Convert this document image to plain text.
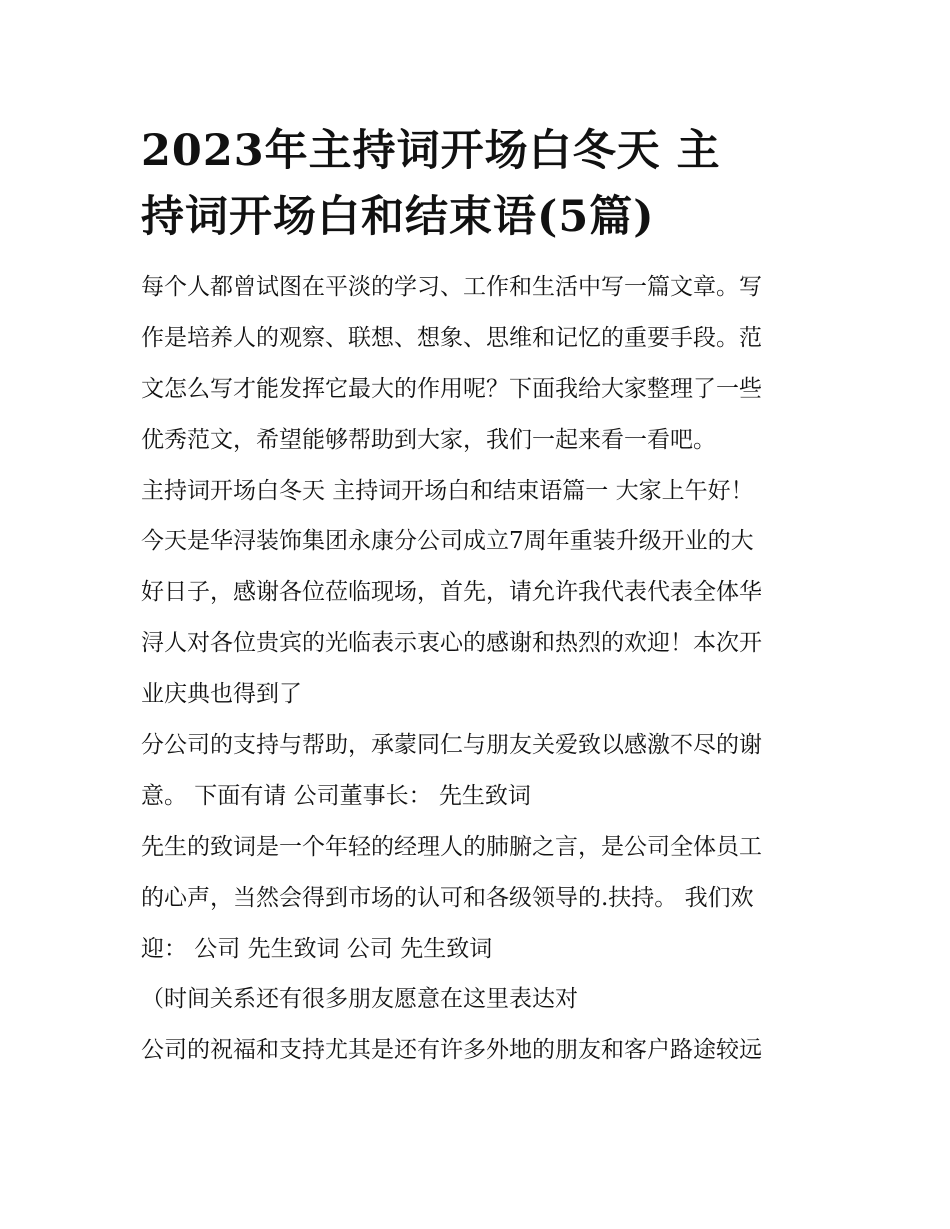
2023年主持词开场白冬天 主
持词开场白和结束语(5篇)
每个人都曾试图在平淡的学习、工作和生活中写一篇文章。写
作是培养人的观察、联想、想象、思维和记忆的重要手段。范
文怎么写才能发挥它最大的作用呢？下面我给大家整理了一些
优秀范文，希望能够帮助到大家，我们一起来看一看吧。
主持词开场白冬天 主持词开场白和结束语篇一 大家上午好！
今天是华浔装饰集团永康分公司成立7周年重装升级开业的大
好日子，感谢各位莅临现场，首先，请允许我代表代表全体华
浔人对各位贵宾的光临表示衷心的感谢和热烈的欢迎！本次开
业庆典也得到了
分公司的支持与帮助，承蒙同仁与朋友关爱致以感激不尽的谢
意。 下面有请 公司董事长： 先生致词
先生的致词是一个年轻的经理人的肺腑之言，是公司全体员工
的心声，当然会得到市场的认可和各级领导的.扶持。 我们欢
迎： 公司 先生致词 公司 先生致词
（时间关系还有很多朋友愿意在这里表达对
公司的祝福和支持尤其是还有许多外地的朋友和客户路途较远
